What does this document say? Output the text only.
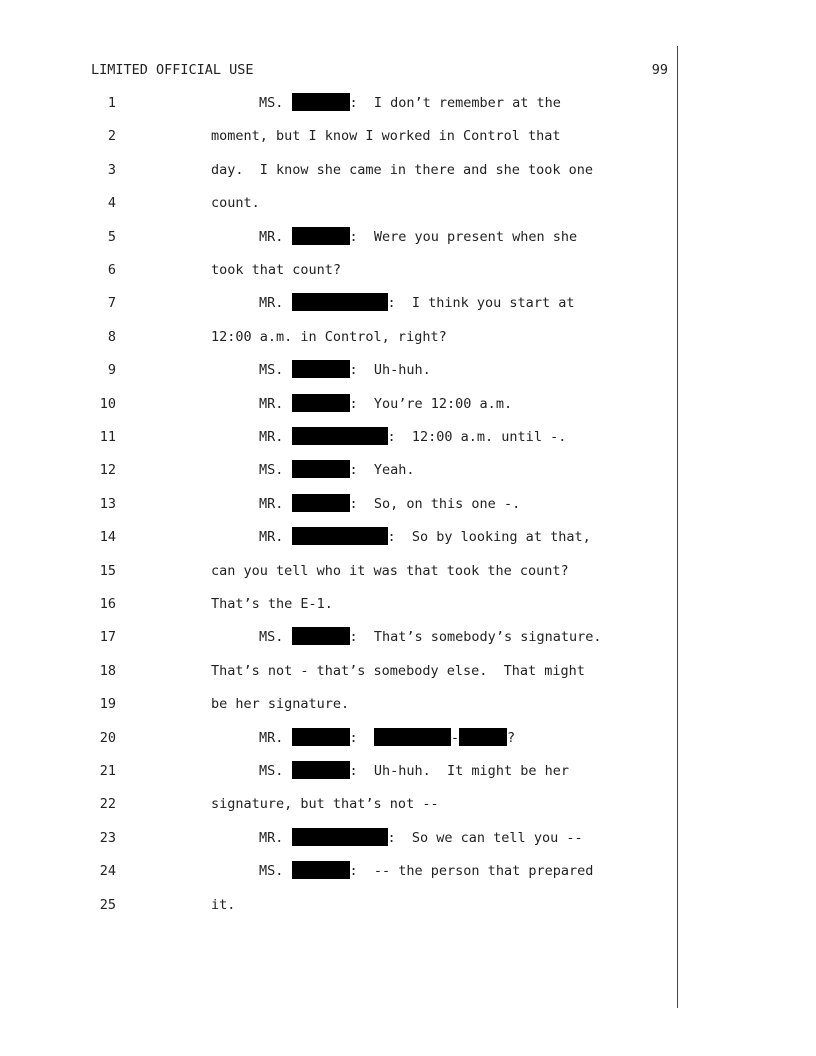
LIMITED OFFICIAL USE	99
1	MS.	:  I don’t remember at the
2	moment, but I know I worked in Control that
3	day.  I know she came in there and she took one
4	count.
5	MR.	:  Were you present when she
6	took that count?
7	MR.	:  I think you start at
8	12:00 a.m. in Control, right?
9	MS.	:  Uh-huh.
10	MR.	:  You’re 12:00 a.m.
11	MR.	:  12:00 a.m. until -.
12	MS.	:  Yeah.
13	MR.	:  So, on this one -.
14	MR.	:  So by looking at that,
15	can you tell who it was that took the count?
16	That’s the E-1.
17	MS.	:  That’s somebody’s signature.
18	That’s not - that’s somebody else.  That might
19	be her signature.
20	MR.	:	-	?
21	MS.	:  Uh-huh.  It might be her
22	signature, but that’s not --
23	MR.	:  So we can tell you --
24	MS.	:  -- the person that prepared
25	it.
